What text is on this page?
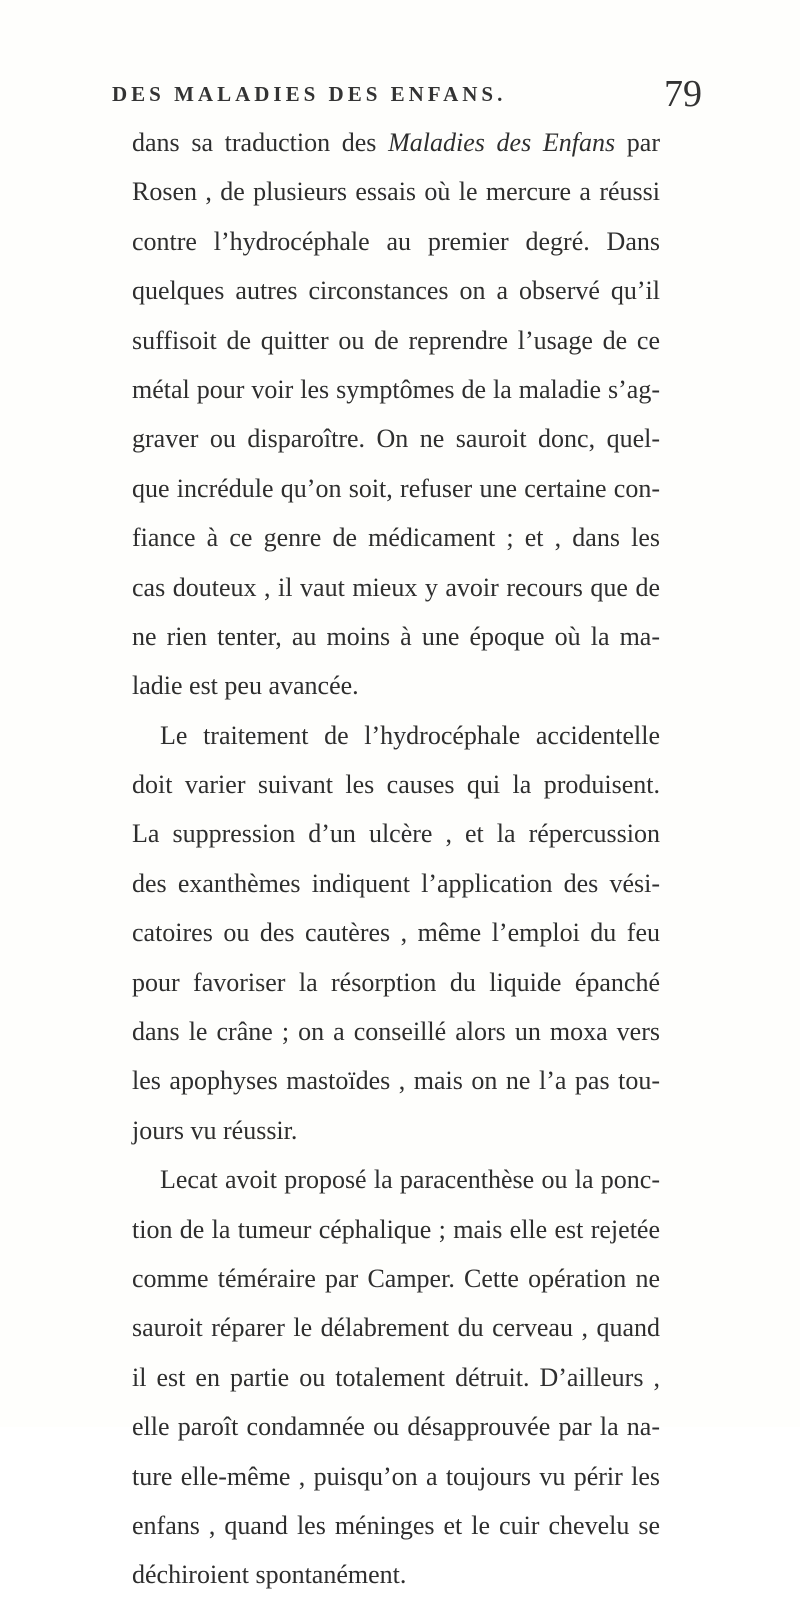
DES MALADIES DES ENFANS.	79
dans sa traduction des Maladies des Enfans par
Rosen , de plusieurs essais où le mercure a réussi
contre l’hydrocéphale au premier degré. Dans
quelques autres circonstances on a observé qu’il
suffisoit de quitter ou de reprendre l’usage de ce
métal pour voir les symptômes de la maladie s’ag-
graver ou disparoître. On ne sauroit donc, quel-
que incrédule qu’on soit, refuser une certaine con-
fiance à ce genre de médicament ; et , dans les
cas douteux , il vaut mieux y avoir recours que de
ne rien tenter, au moins à une époque où la ma-
ladie est peu avancée.
Le traitement de l’hydrocéphale accidentelle
doit varier suivant les causes qui la produisent.
La suppression d’un ulcère , et la répercussion
des exanthèmes indiquent l’application des vési-
catoires ou des cautères , même l’emploi du feu
pour favoriser la résorption du liquide épanché
dans le crâne ; on a conseillé alors un moxa vers
les apophyses mastoïdes , mais on ne l’a pas tou-
jours vu réussir.
Lecat avoit proposé la paracenthèse ou la ponc-
tion de la tumeur céphalique ; mais elle est rejetée
comme téméraire par Camper. Cette opération ne
sauroit réparer le délabrement du cerveau , quand
il est en partie ou totalement détruit. D’ailleurs ,
elle paroît condamnée ou désapprouvée par la na-
ture elle-même , puisqu’on a toujours vu périr les
enfans , quand les méninges et le cuir chevelu se
déchiroient spontanément.
